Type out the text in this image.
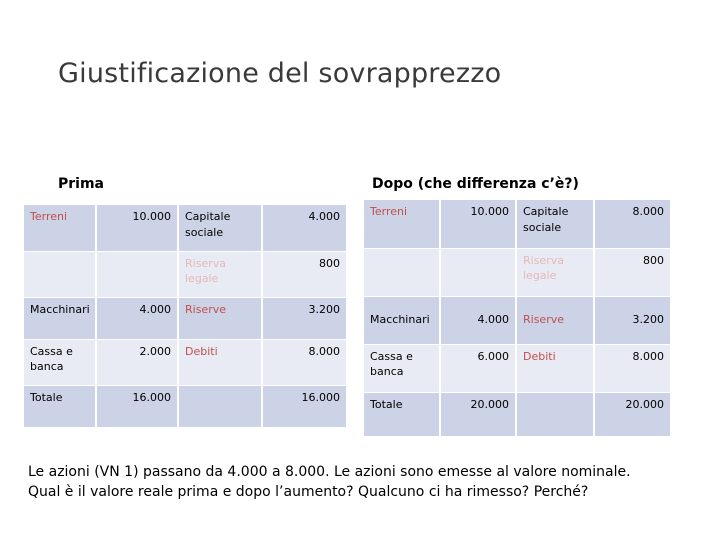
Giustificazione del sovrapprezzo
Prima	Dopo (che differenza c’è?)
Terreni	10.000	Capitale sociale	4.000
		Riserva legale	800
Macchinari	4.000	Riserve	3.200
Cassa e banca	2.000	Debiti	8.000
Totale	16.000		16.000
Terreni	10.000	Capitale sociale	8.000
		Riserva legale	800
Macchinari	4.000	Riserve	3.200
Cassa e banca	6.000	Debiti	8.000
Totale	20.000		20.000
Le azioni (VN 1) passano da 4.000 a 8.000. Le azioni sono emesse al valore nominale.
Qual è il valore reale prima e dopo l’aumento? Qualcuno ci ha rimesso? Perché?
